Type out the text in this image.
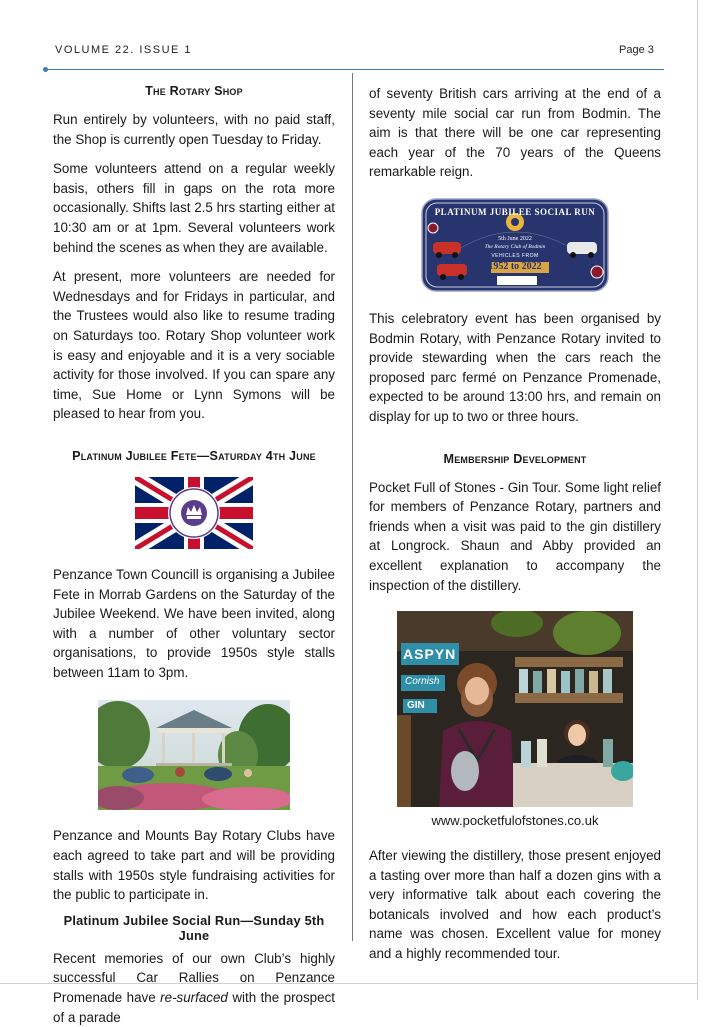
VOLUME 22. ISSUE 1	Page 3
The Rotary Shop

Run entirely by volunteers, with no paid staff, the Shop is currently open Tuesday to Friday.

Some volunteers attend on a regular weekly basis, others fill in gaps on the rota more occasionally. Shifts last 2.5 hrs starting either at 10:30 am or at 1pm. Several volunteers work behind the scenes as when they are available.

At present, more volunteers are needed for Wednesdays and for Fridays in particular, and the Trustees would also like to resume trading on Saturdays too. Rotary Shop volunteer work is easy and enjoyable and it is a very sociable activity for those involved. If you can spare any time, Sue Home or Lynn Symons will be pleased to hear from you.

Platinum Jubilee Fete—Saturday 4th June

Penzance Town Councill is organising a Jubilee Fete in Morrab Gardens on the Saturday of the Jubilee Weekend. We have been invited, along with a number of other voluntary sector organisations, to provide 1950s style stalls between 11am to 3pm.

Penzance and Mounts Bay Rotary Clubs have each agreed to take part and will be providing stalls with 1950s style fundraising activities for the public to participate in.

Platinum Jubilee Social Run—Sunday 5th June

Recent memories of our own Club’s highly successful Car Rallies on Penzance Promenade have re-surfaced with the prospect of a parade

of seventy British cars arriving at the end of a seventy mile social car run from Bodmin. The aim is that there will be one car representing each year of the 70 years of the Queens remarkable reign.

PLATINUM JUBILEE SOCIAL RUN
5th June 2022
The Rotary Club of Bodmin
VEHICLES FROM
1952 to 2022

This celebratory event has been organised by Bodmin Rotary, with Penzance Rotary invited to provide stewarding when the cars reach the proposed parc fermé on Penzance Promenade, expected to be around 13:00 hrs, and remain on display for up to two or three hours.

Membership Development

Pocket Full of Stones - Gin Tour. Some light relief for members of Penzance Rotary, partners and friends when a visit was paid to the gin distillery at Longrock. Shaun and Abby provided an excellent explanation to accompany the inspection of the distillery.

ASPYN
Cornish
GIN
www.pocketfulofstones.co.uk

After viewing the distillery, those present enjoyed a tasting over more than half a dozen gins with a very informative talk about each covering the botanicals involved and how each product’s name was chosen. Excellent value for money and a highly recommended tour.
